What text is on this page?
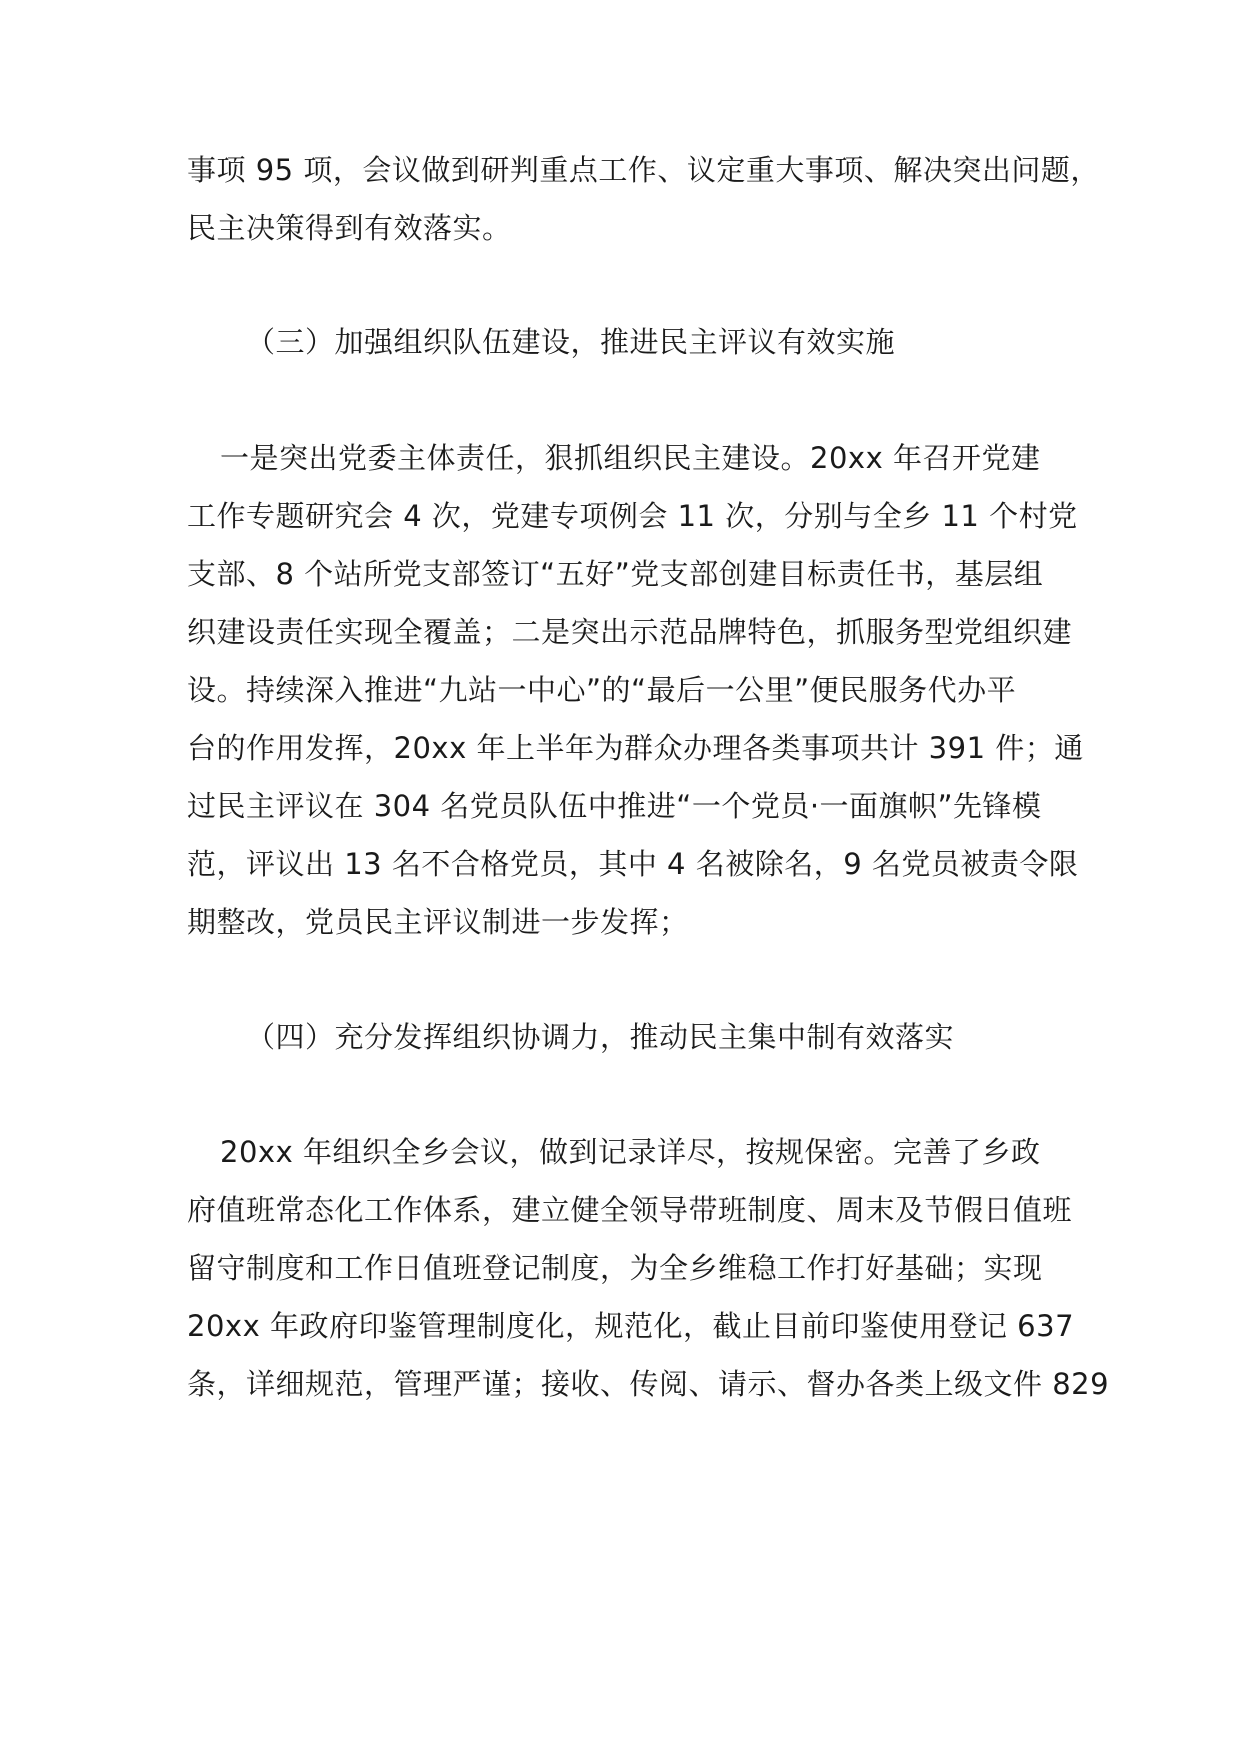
事项 95 项，会议做到研判重点工作、议定重大事项、解决突出问题，
民主决策得到有效落实。
（三）加强组织队伍建设，推进民主评议有效实施
一是突出党委主体责任，狠抓组织民主建设。20xx 年召开党建
工作专题研究会 4 次，党建专项例会 11 次，分别与全乡 11 个村党
支部、8 个站所党支部签订“五好”党支部创建目标责任书，基层组
织建设责任实现全覆盖；二是突出示范品牌特色，抓服务型党组织建
设。持续深入推进“九站一中心”的“最后一公里”便民服务代办平
台的作用发挥，20xx 年上半年为群众办理各类事项共计 391 件；通
过民主评议在 304 名党员队伍中推进“一个党员·一面旗帜”先锋模
范，评议出 13 名不合格党员，其中 4 名被除名，9 名党员被责令限
期整改，党员民主评议制进一步发挥；
（四）充分发挥组织协调力，推动民主集中制有效落实
20xx 年组织全乡会议，做到记录详尽，按规保密。完善了乡政
府值班常态化工作体系，建立健全领导带班制度、周末及节假日值班
留守制度和工作日值班登记制度，为全乡维稳工作打好基础；实现
20xx 年政府印鉴管理制度化，规范化，截止目前印鉴使用登记 637
条，详细规范，管理严谨；接收、传阅、请示、督办各类上级文件 829
